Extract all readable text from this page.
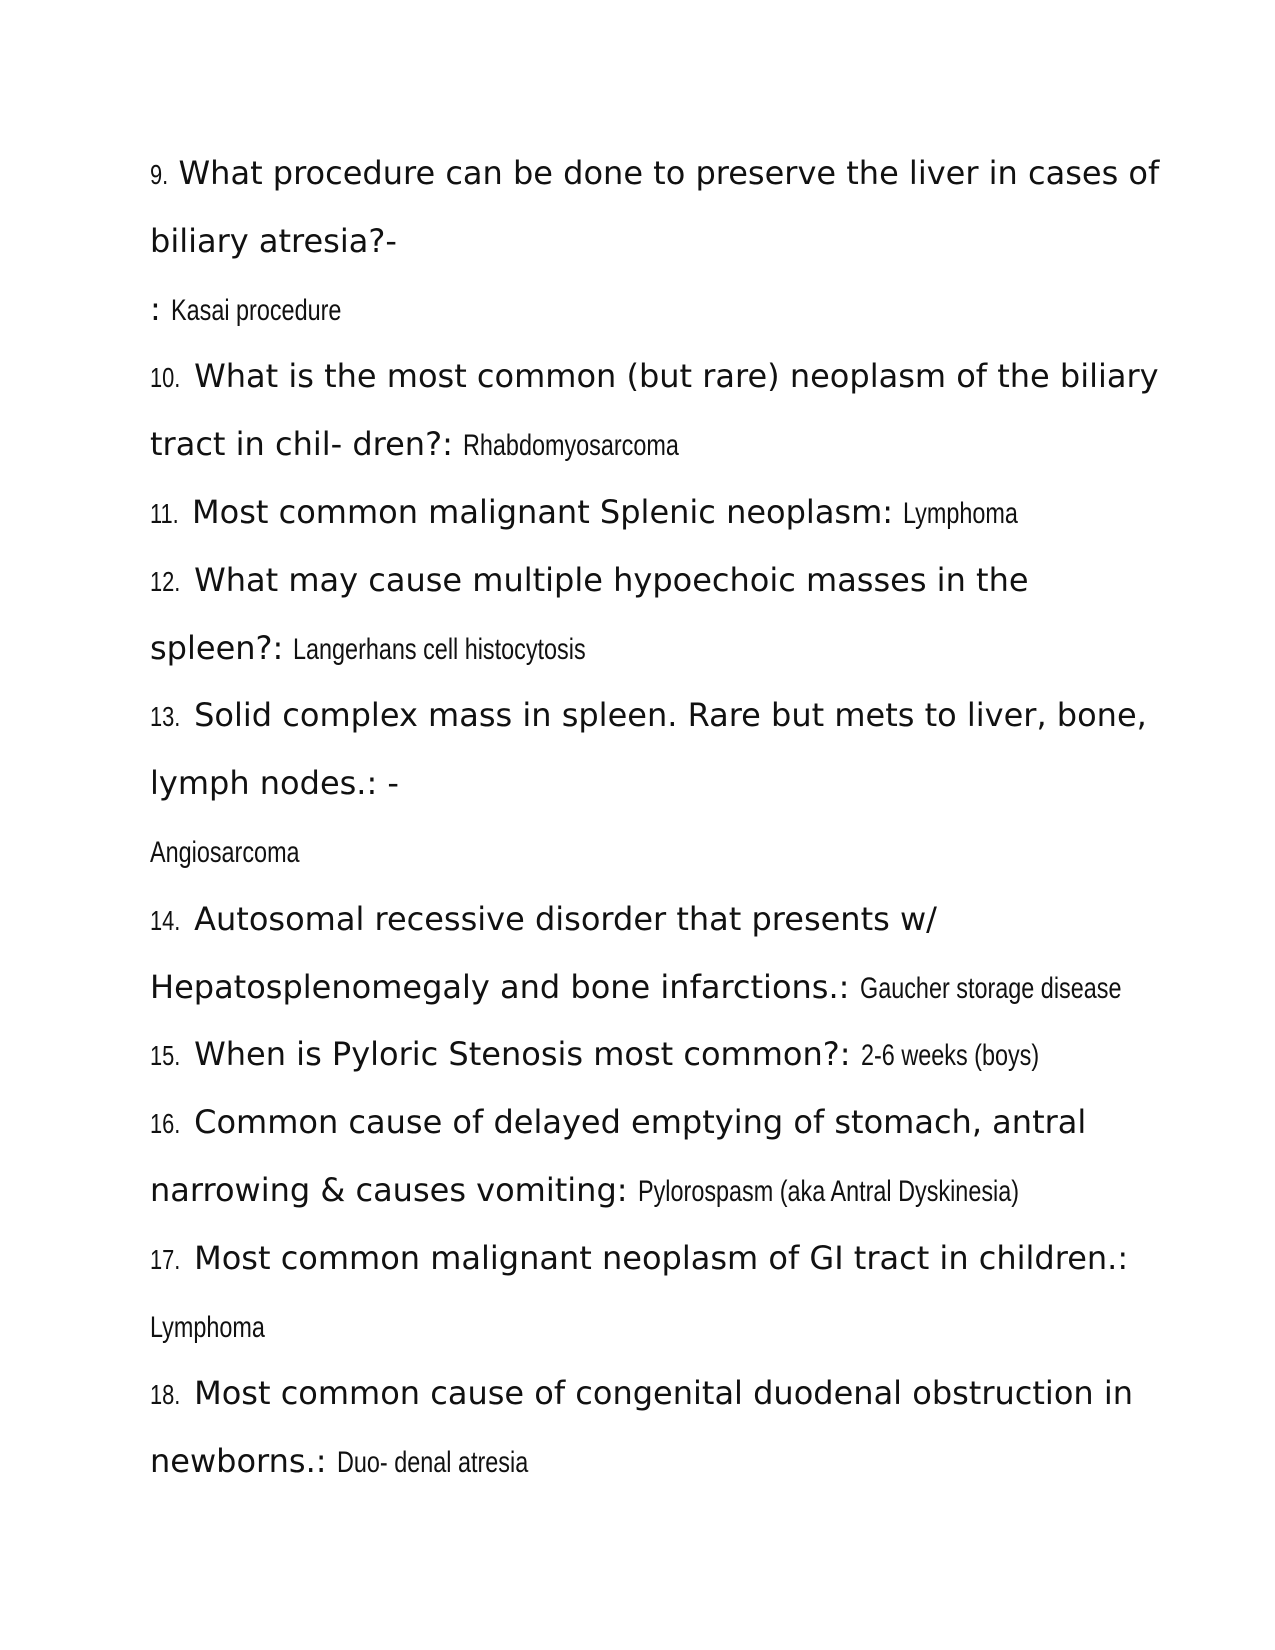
9. What procedure can be done to preserve the liver in cases of
biliary atresia?-
: Kasai procedure
10. What is the most common (but rare) neoplasm of the biliary
tract in chil- dren?: Rhabdomyosarcoma
11. Most common malignant Splenic neoplasm: Lymphoma
12. What may cause multiple hypoechoic masses in the
spleen?: Langerhans cell histocytosis
13. Solid complex mass in spleen. Rare but mets to liver, bone,
lymph nodes.: -
Angiosarcoma
14. Autosomal recessive disorder that presents w/
Hepatosplenomegaly and bone infarctions.: Gaucher storage disease
15. When is Pyloric Stenosis most common?: 2-6 weeks (boys)
16. Common cause of delayed emptying of stomach, antral
narrowing & causes vomiting: Pylorospasm (aka Antral Dyskinesia)
17. Most common malignant neoplasm of GI tract in children.:
Lymphoma
18. Most common cause of congenital duodenal obstruction in
newborns.: Duo- denal atresia
